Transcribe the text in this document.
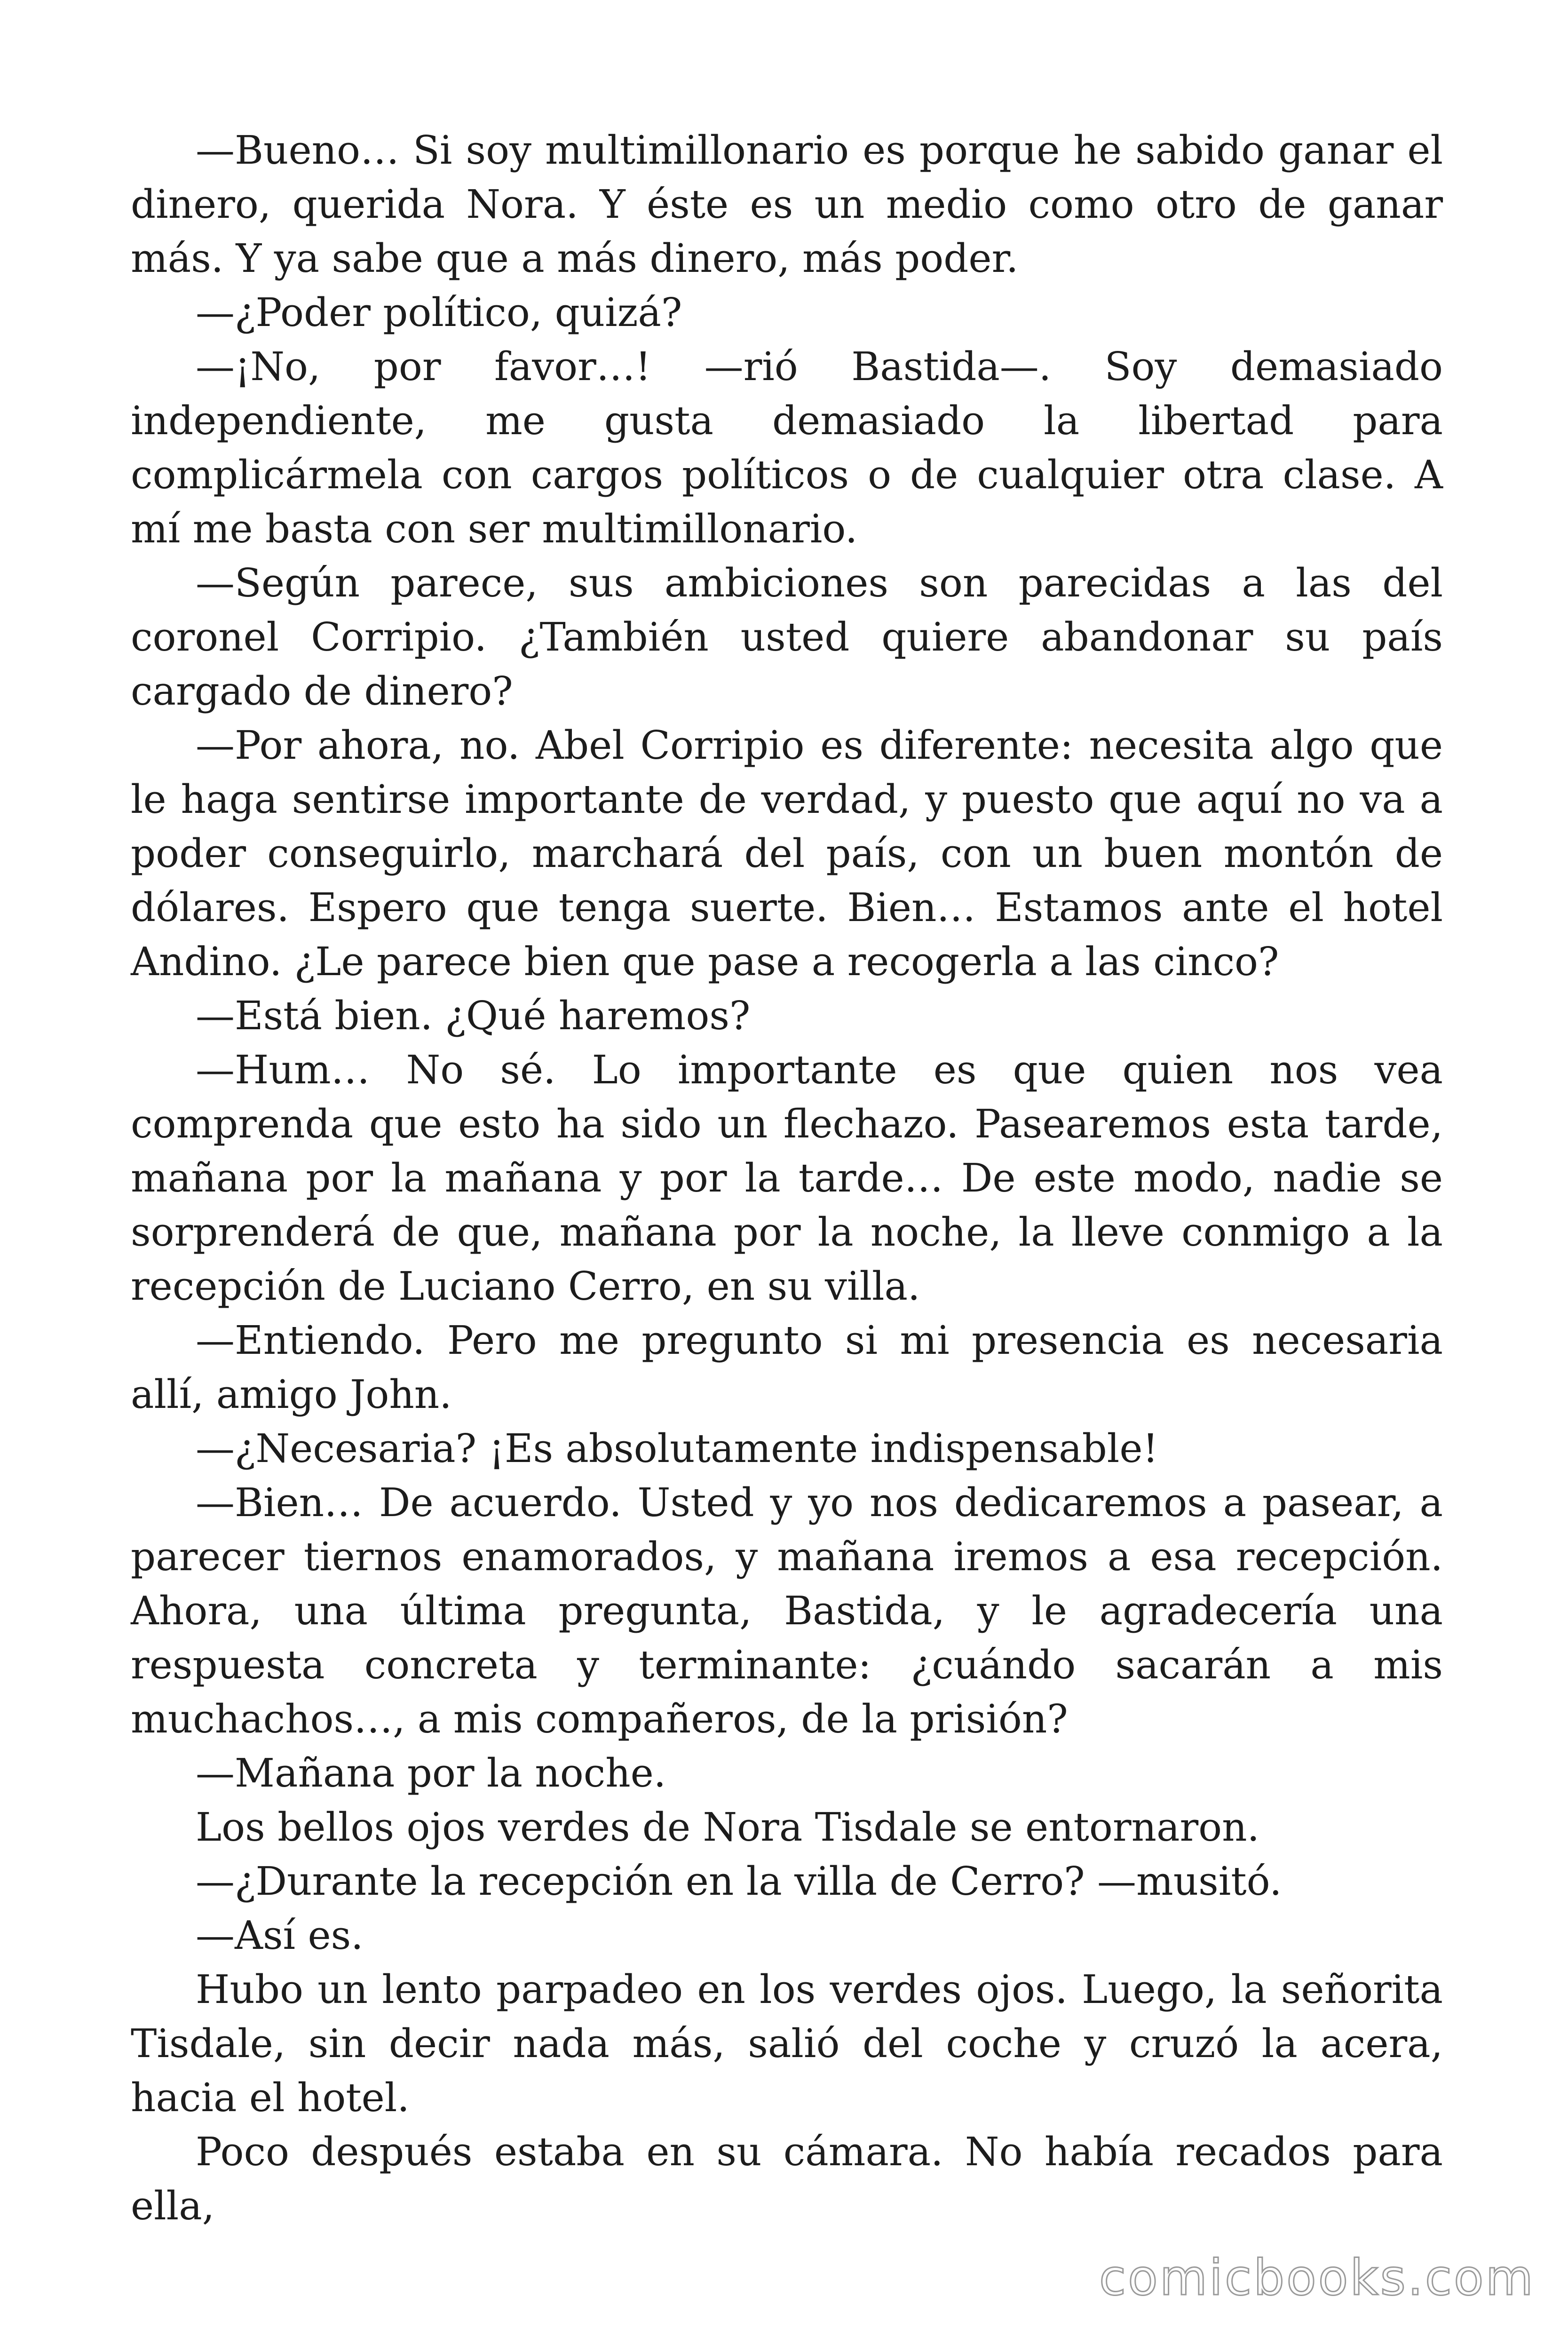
—Bueno… Si soy multimillonario es porque he sabido ganar el dinero, querida Nora. Y éste es un medio como otro de ganar más. Y ya sabe que a más dinero, más poder.

—¿Poder político, quizá?

—¡No, por favor…! —rió Bastida—. Soy demasiado independiente, me gusta demasiado la libertad para complicármela con cargos políticos o de cualquier otra clase. A mí me basta con ser multimillonario.

—Según parece, sus ambiciones son parecidas a las del coronel Corripio. ¿También usted quiere abandonar su país cargado de dinero?

—Por ahora, no. Abel Corripio es diferente: necesita algo que le haga sentirse importante de verdad, y puesto que aquí no va a poder conseguirlo, marchará del país, con un buen montón de dólares. Espero que tenga suerte. Bien… Estamos ante el hotel Andino. ¿Le parece bien que pase a recogerla a las cinco?

—Está bien. ¿Qué haremos?

—Hum… No sé. Lo importante es que quien nos vea comprenda que esto ha sido un flechazo. Pasearemos esta tarde, mañana por la mañana y por la tarde… De este modo, nadie se sorprenderá de que, mañana por la noche, la lleve conmigo a la recepción de Luciano Cerro, en su villa.

—Entiendo. Pero me pregunto si mi presencia es necesaria allí, amigo John.

—¿Necesaria? ¡Es absolutamente indispensable!

—Bien… De acuerdo. Usted y yo nos dedicaremos a pasear, a parecer tiernos enamorados, y mañana iremos a esa recepción. Ahora, una última pregunta, Bastida, y le agradecería una respuesta concreta y terminante: ¿cuándo sacarán a mis muchachos…, a mis compañeros, de la prisión?

—Mañana por la noche.

Los bellos ojos verdes de Nora Tisdale se entornaron.

—¿Durante la recepción en la villa de Cerro? —musitó.

—Así es.

Hubo un lento parpadeo en los verdes ojos. Luego, la señorita Tisdale, sin decir nada más, salió del coche y cruzó la acera, hacia el hotel.

Poco después estaba en su cámara. No había recados para ella,

comicbooks.com
